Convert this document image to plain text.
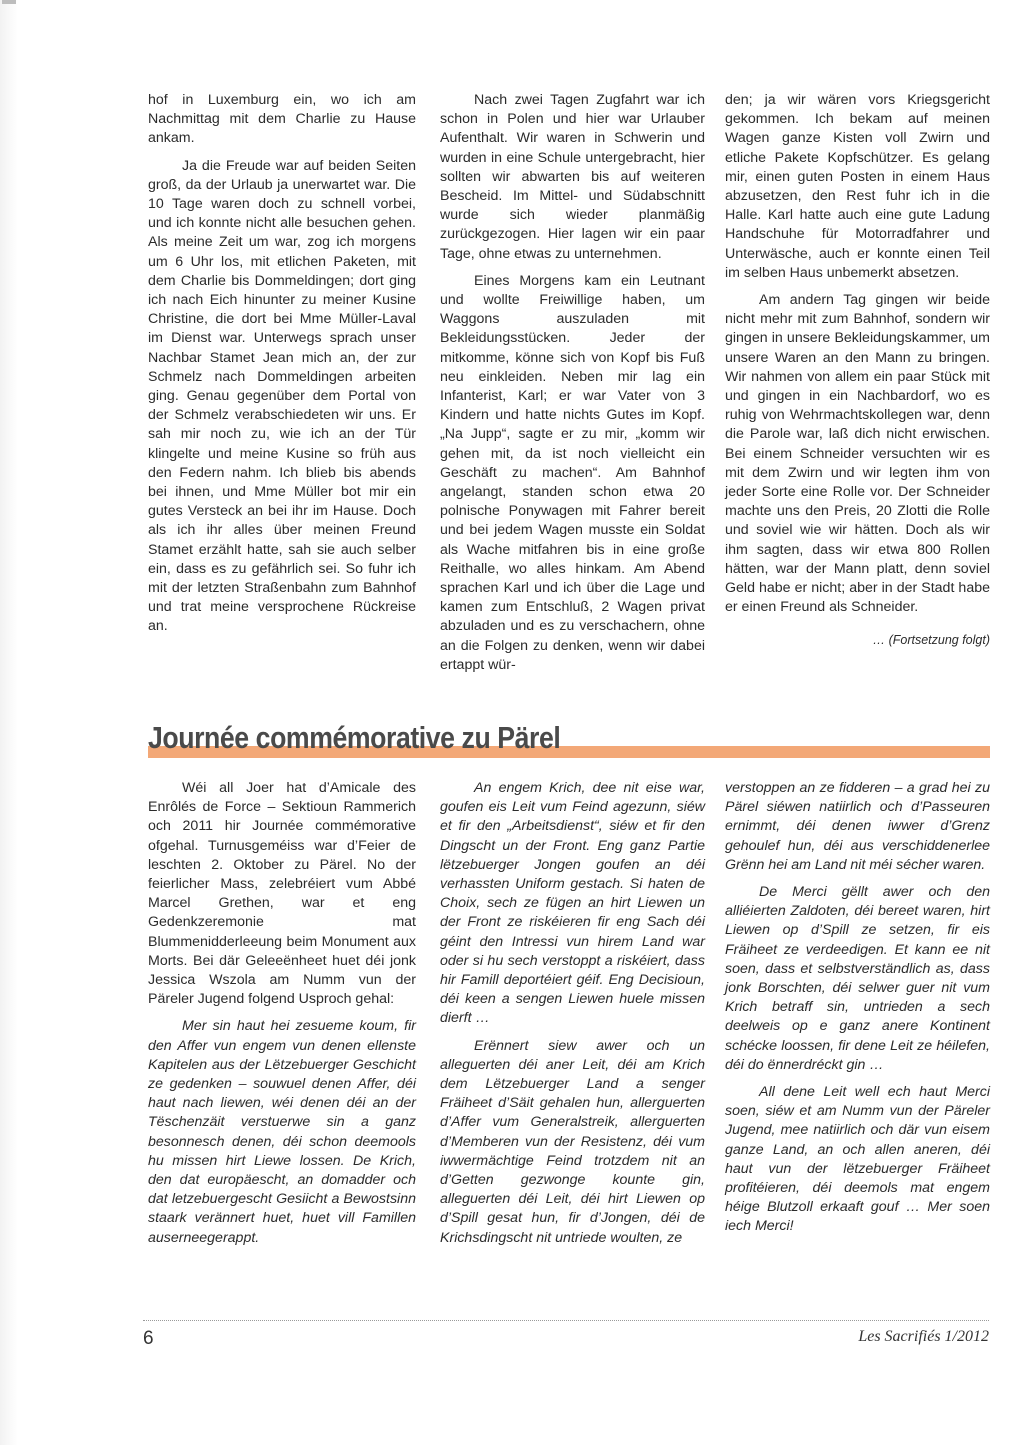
hof in Luxemburg ein, wo ich am Nachmittag mit dem Charlie zu Hause ankam.

Ja die Freude war auf beiden Seiten groß, da der Urlaub ja unerwartet war. Die 10 Tage waren doch zu schnell vorbei, und ich konnte nicht alle besuchen gehen. Als meine Zeit um war, zog ich morgens um 6 Uhr los, mit etlichen Paketen, mit dem Charlie bis Dommeldingen; dort ging ich nach Eich hinunter zu meiner Kusine Christine, die dort bei Mme Müller-Laval im Dienst war. Unterwegs sprach unser Nachbar Stamet Jean mich an, der zur Schmelz nach Dommeldingen arbeiten ging. Genau gegenüber dem Portal von der Schmelz verabschiedeten wir uns. Er sah mir noch zu, wie ich an der Tür klingelte und meine Kusine so früh aus den Federn nahm. Ich blieb bis abends bei ihnen, und Mme Müller bot mir ein gutes Versteck an bei ihr im Hause. Doch als ich ihr alles über meinen Freund Stamet erzählt hatte, sah sie auch selber ein, dass es zu gefährlich sei. So fuhr ich mit der letzten Straßenbahn zum Bahnhof und trat meine versprochene Rückreise an.

Nach zwei Tagen Zugfahrt war ich schon in Polen und hier war Urlauber Aufenthalt. Wir waren in Schwerin und wurden in eine Schule untergebracht, hier sollten wir abwarten bis auf weiteren Bescheid. Im Mittel- und Südabschnitt wurde sich wieder planmäßig zurückgezogen. Hier lagen wir ein paar Tage, ohne etwas zu unternehmen.

Eines Morgens kam ein Leutnant und wollte Freiwillige haben, um Waggons auszuladen mit Bekleidungsstücken. Jeder der mitkomme, könne sich von Kopf bis Fuß neu einkleiden. Neben mir lag ein Infanterist, Karl; er war Vater von 3 Kindern und hatte nichts Gutes im Kopf. „Na Jupp“, sagte er zu mir, „komm wir gehen mit, da ist noch vielleicht ein Geschäft zu machen“. Am Bahnhof angelangt, standen schon etwa 20 polnische Ponywagen mit Fahrer bereit und bei jedem Wagen musste ein Soldat als Wache mitfahren bis in eine große Reithalle, wo alles hinkam. Am Abend sprachen Karl und ich über die Lage und kamen zum Entschluß, 2 Wagen privat abzuladen und es zu verschachern, ohne an die Folgen zu denken, wenn wir dabei ertappt wür-

den; ja wir wären vors Kriegsgericht gekommen. Ich bekam auf meinen Wagen ganze Kisten voll Zwirn und etliche Pakete Kopfschützer. Es gelang mir, einen guten Posten in einem Haus abzusetzen, den Rest fuhr ich in die Halle. Karl hatte auch eine gute Ladung Handschuhe für Motorradfahrer und Unterwäsche, auch er konnte einen Teil im selben Haus unbemerkt absetzen.

Am andern Tag gingen wir beide nicht mehr mit zum Bahnhof, sondern wir gingen in unsere Bekleidungskammer, um unsere Waren an den Mann zu bringen. Wir nahmen von allem ein paar Stück mit und gingen in ein Nachbardorf, wo es ruhig von Wehrmachtskollegen war, denn die Parole war, laß dich nicht erwischen. Bei einem Schneider versuchten wir es mit dem Zwirn und wir legten ihm von jeder Sorte eine Rolle vor. Der Schneider machte uns den Preis, 20 Zlotti die Rolle und soviel wie wir hätten. Doch als wir ihm sagten, dass wir etwa 800 Rollen hätten, war der Mann platt, denn soviel Geld habe er nicht; aber in der Stadt habe er einen Freund als Schneider.

… (Fortsetzung folgt)
Journée commémorative zu Pärel

Wéi all Joer hat d’Amicale des Enrôlés de Force – Sektioun Rammerich och 2011 hir Journée commémorative ofgehal. Turnusgeméiss war d’Feier de leschten 2. Oktober zu Pärel. No der feierlicher Mass, zelebréiert vum Abbé Marcel Grethen, war et eng Gedenkzeremonie mat Blummenidderleeung beim Monument aux Morts. Bei där Geleeënheet huet déi jonk Jessica Wszola am Numm vun der Päreler Jugend folgend Usproch gehal:

Mer sin haut hei zesueme koum, fir den Affer vun engem vun denen ellenste Kapitelen aus der Lëtzebuerger Geschicht ze gedenken – souwuel denen Affer, déi haut nach liewen, wéi denen déi an der Tëschenzäit verstuerwe sin a ganz besonnesch denen, déi schon deemools hu missen hirt Liewe lossen. De Krich, den dat europäescht, an domadder och dat letzebuergescht Gesiicht a Bewostsinn staark verännert huet, huet vill Famillen auserneegerappt.

An engem Krich, dee nit eise war, goufen eis Leit vum Feind agezunn, siéw et fir den „Arbeitsdienst“, siéw et fir den Dingscht un der Front. Eng ganz Partie lëtzebuerger Jongen goufen an déi verhassten Uniform gestach. Si haten de Choix, sech ze fügen an hirt Liewen un der Front ze riskéieren fir eng Sach déi géint den Intressi vun hirem Land war oder si hu sech verstoppt a riskéiert, dass hir Famill deportéiert géif. Eng Decisioun, déi keen a sengen Liewen huele missen dierft …

Erënnert siew awer och un alleguerten déi aner Leit, déi am Krich dem Lëtzebuerger Land a senger Fräiheet d’Säit gehalen hun, allerguerten d’Affer vum Generalstreik, allerguerten d’Memberen vun der Resistenz, déi vum iwwermächtige Feind trotzdem nit an d’Getten gezwonge kounte gin, alleguerten déi Leit, déi hirt Liewen op d’Spill gesat hun, fir d’Jongen, déi de Krichsdingscht nit untriede woulten, ze

verstoppen an ze fidderen – a grad hei zu Pärel siéwen natiirlich och d’Passeuren ernimmt, déi denen iwwer d’Grenz gehoulef hun, déi aus verschiddenerlee Grënn hei am Land nit méi sécher waren.

De Merci gëllt awer och den alliéierten Zaldoten, déi bereet waren, hirt Liewen op d’Spill ze setzen, fir eis Fräiheet ze verdeedigen. Et kann ee nit soen, dass et selbstverständlich as, dass jonk Borschten, déi selwer guer nit vum Krich betraff sin, untrieden a sech deelweis op e ganz anere Kontinent schécke loossen, fir dene Leit ze héilefen, déi do ënnerdréckt gin …

All dene Leit well ech haut Merci soen, siéw et am Numm vun der Päreler Jugend, mee natiirlich och där vun eisem ganze Land, an och allen aneren, déi haut vun der lëtzebuerger Fräiheet profitéieren, déi deemols mat engem héige Blutzoll erkaaft gouf … Mer soen iech Merci!

6	Les Sacrifiés 1/2012
